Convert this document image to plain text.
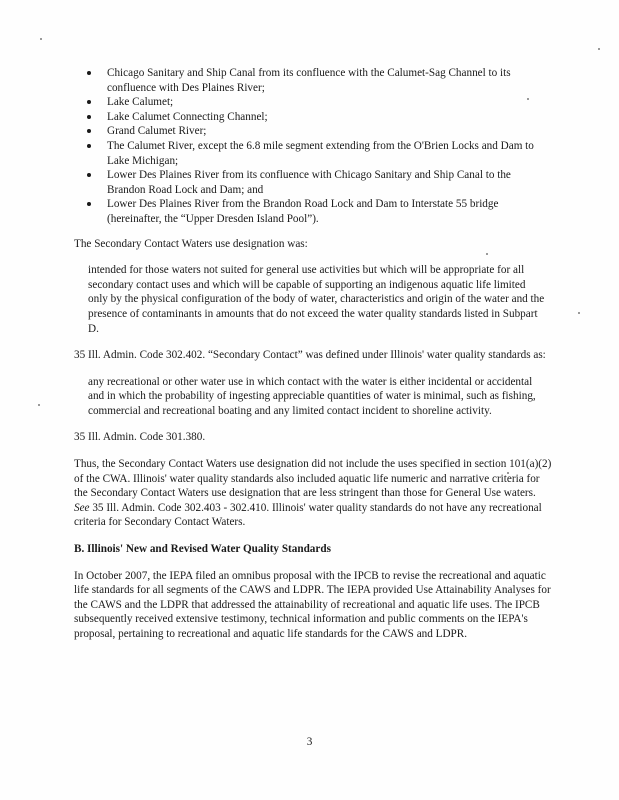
Chicago Sanitary and Ship Canal from its confluence with the Calumet-Sag Channel to its confluence with Des Plaines River;
Lake Calumet;
Lake Calumet Connecting Channel;
Grand Calumet River;
The Calumet River, except the 6.8 mile segment extending from the O'Brien Locks and Dam to Lake Michigan;
Lower Des Plaines River from its confluence with Chicago Sanitary and Ship Canal to the Brandon Road Lock and Dam; and
Lower Des Plaines River from the Brandon Road Lock and Dam to Interstate 55 bridge (hereinafter, the “Upper Dresden Island Pool”).

The Secondary Contact Waters use designation was:

intended for those waters not suited for general use activities but which will be appropriate for all secondary contact uses and which will be capable of supporting an indigenous aquatic life limited only by the physical configuration of the body of water, characteristics and origin of the water and the presence of contaminants in amounts that do not exceed the water quality standards listed in Subpart D.

35 Ill. Admin. Code 302.402. “Secondary Contact” was defined under Illinois' water quality standards as:

any recreational or other water use in which contact with the water is either incidental or accidental and in which the probability of ingesting appreciable quantities of water is minimal, such as fishing, commercial and recreational boating and any limited contact incident to shoreline activity.

35 Ill. Admin. Code 301.380.

Thus, the Secondary Contact Waters use designation did not include the uses specified in section 101(a)(2) of the CWA. Illinois' water quality standards also included aquatic life numeric and narrative criteria for the Secondary Contact Waters use designation that are less stringent than those for General Use waters. See 35 Ill. Admin. Code 302.403 - 302.410. Illinois' water quality standards do not have any recreational criteria for Secondary Contact Waters.

B. Illinois' New and Revised Water Quality Standards

In October 2007, the IEPA filed an omnibus proposal with the IPCB to revise the recreational and aquatic life standards for all segments of the CAWS and LDPR. The IEPA provided Use Attainability Analyses for the CAWS and the LDPR that addressed the attainability of recreational and aquatic life uses. The IPCB subsequently received extensive testimony, technical information and public comments on the IEPA's proposal, pertaining to recreational and aquatic life standards for the CAWS and LDPR.

3
